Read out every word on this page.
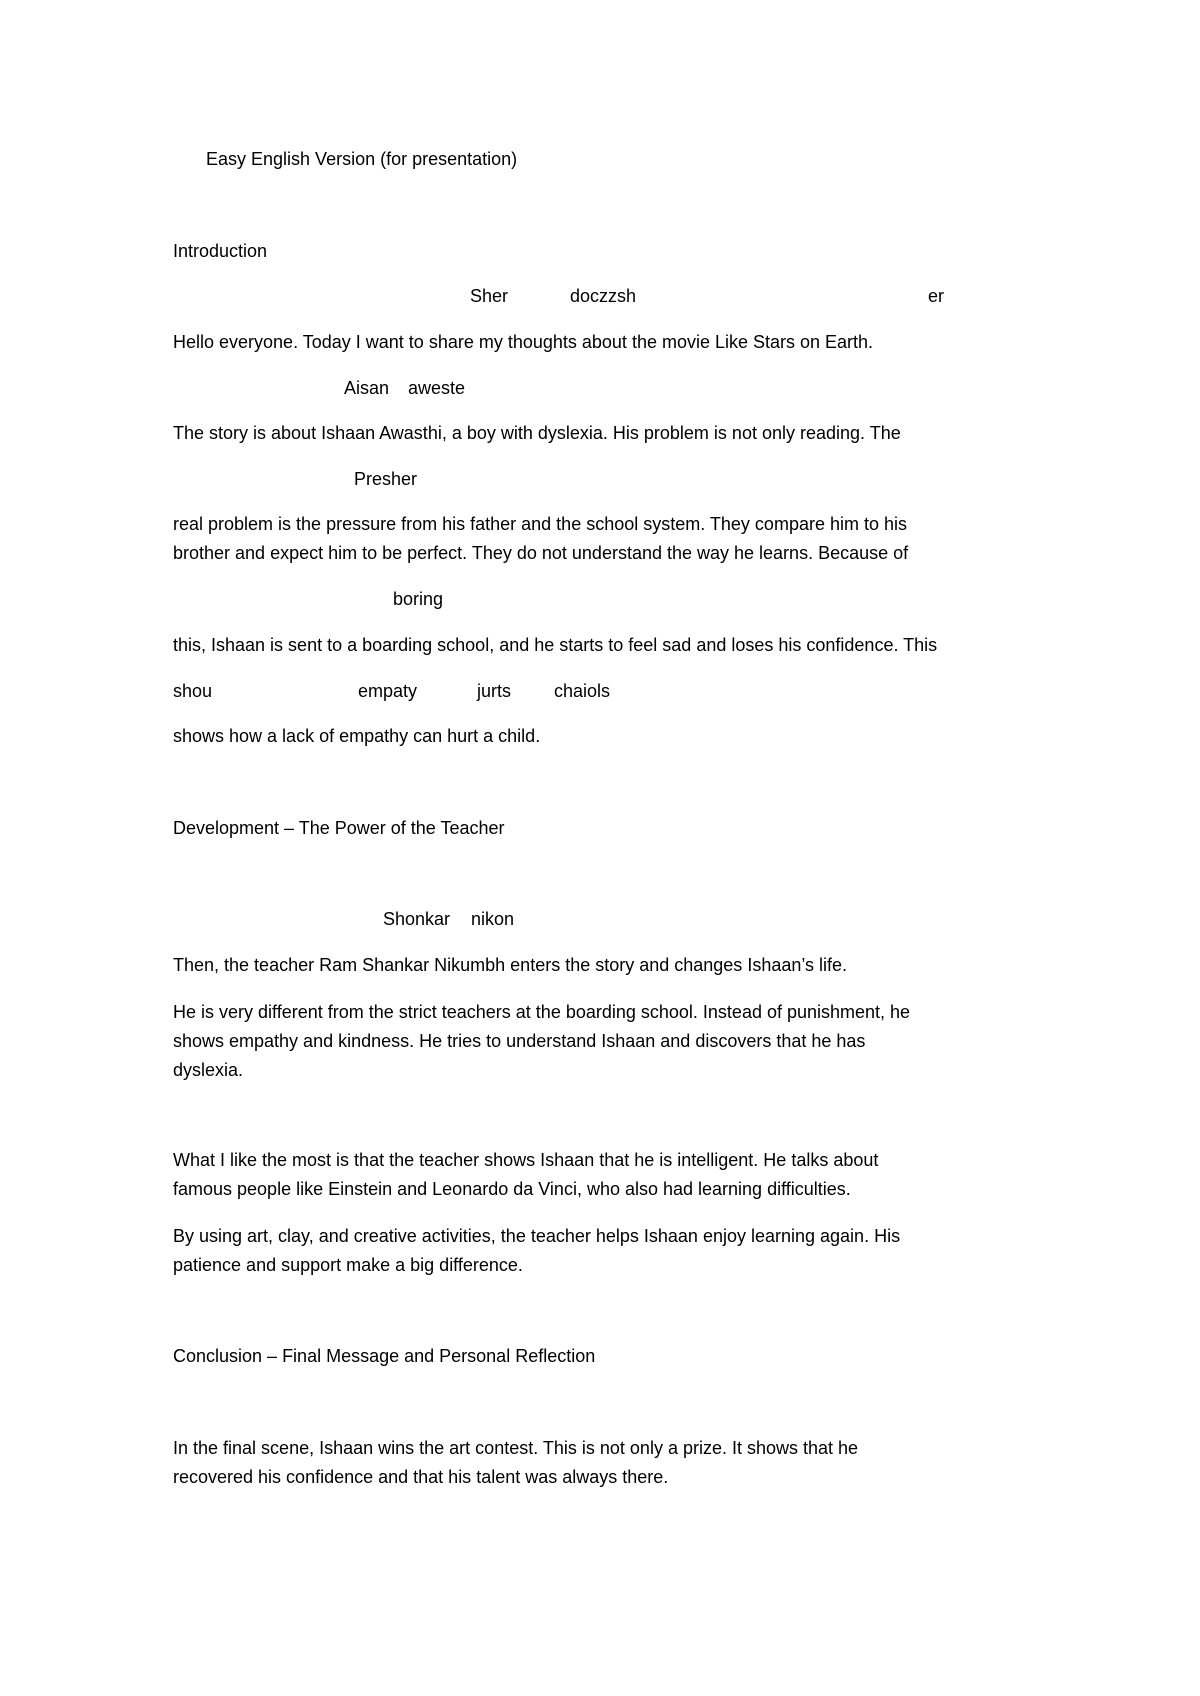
Easy English Version (for presentation)
Introduction
Sher	doczzsh	er
Hello everyone. Today I want to share my thoughts about the movie Like Stars on Earth.
Aisan aweste
The story is about Ishaan Awasthi, a boy with dyslexia. His problem is not only reading. The
Presher
real problem is the pressure from his father and the school system. They compare him to his
brother and expect him to be perfect. They do not understand the way he learns. Because of
boring
this, Ishaan is sent to a boarding school, and he starts to feel sad and loses his confidence. This
shou	empaty	jurts chaiols
shows how a lack of empathy can hurt a child.
Development – The Power of the Teacher
Shonkar nikon
Then, the teacher Ram Shankar Nikumbh enters the story and changes Ishaan’s life.
He is very different from the strict teachers at the boarding school. Instead of punishment, he
shows empathy and kindness. He tries to understand Ishaan and discovers that he has
dyslexia.
What I like the most is that the teacher shows Ishaan that he is intelligent. He talks about
famous people like Einstein and Leonardo da Vinci, who also had learning difficulties.
By using art, clay, and creative activities, the teacher helps Ishaan enjoy learning again. His
patience and support make a big difference.
Conclusion – Final Message and Personal Reflection
In the final scene, Ishaan wins the art contest. This is not only a prize. It shows that he
recovered his confidence and that his talent was always there.
